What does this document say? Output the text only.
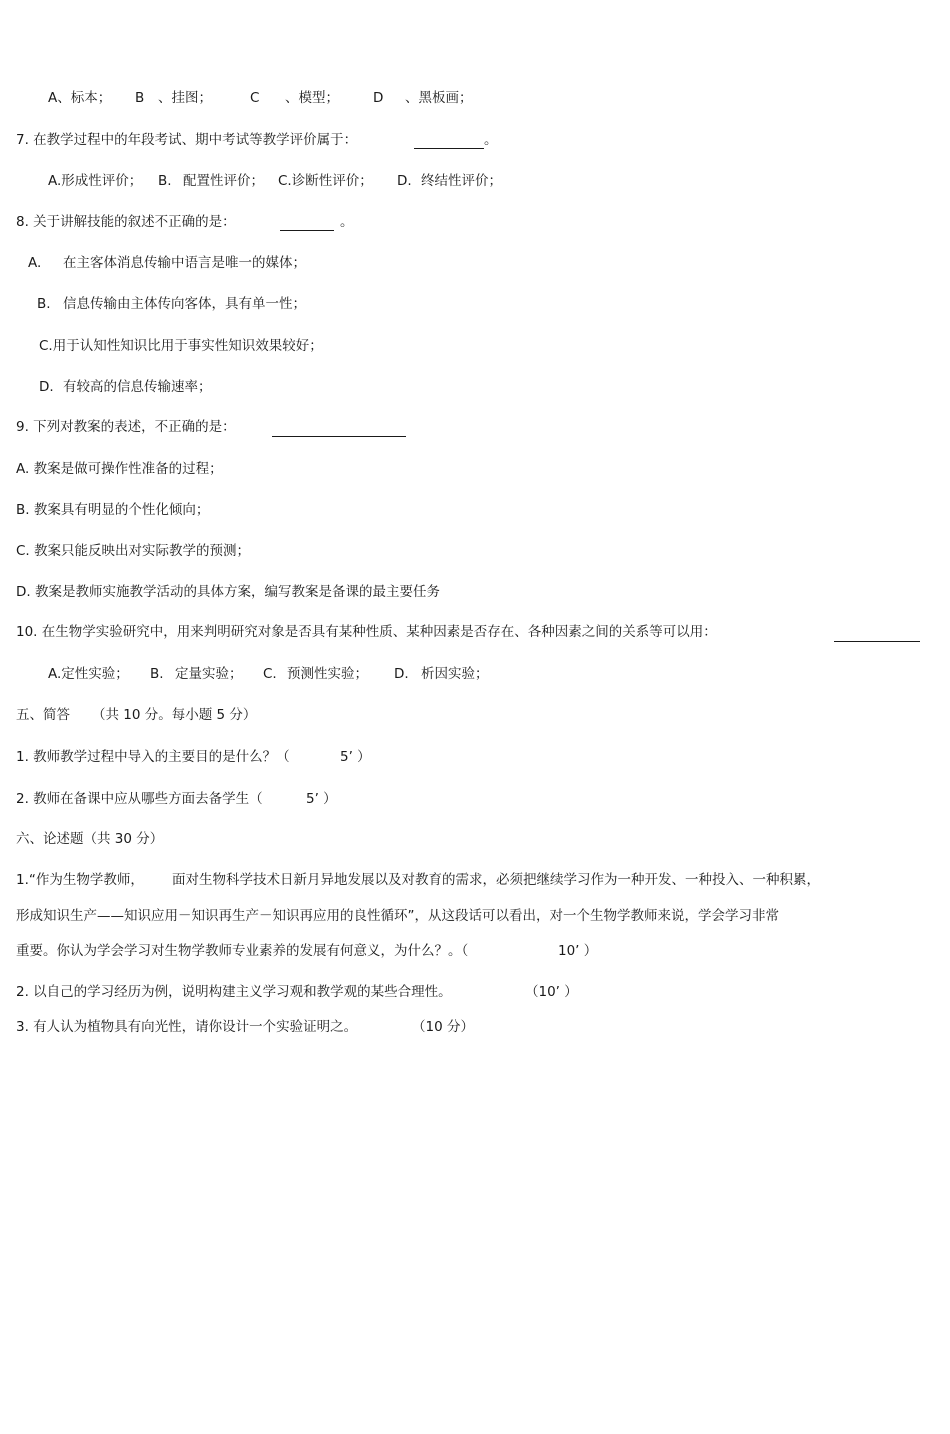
A、标本； B 、挂图；	C 、模型；	D 、黑板画；
7. 在教学过程中的年段考试、期中考试等教学评价属于：	。
A.形成性评价； B. 配置性评价； C.诊断性评价； D. 终结性评价；
8. 关于讲解技能的叙述不正确的是：	。
A. 在主客体消息传输中语言是唯一的媒体；
B. 信息传输由主体传向客体，具有单一性；
C.用于认知性知识比用于事实性知识效果较好；
D. 有较高的信息传输速率；
9. 下列对教案的表述，不正确的是：
A. 教案是做可操作性准备的过程；
B. 教案具有明显的个性化倾向；
C. 教案只能反映出对实际教学的预测；
D. 教案是教师实施教学活动的具体方案，编写教案是备课的最主要任务
10. 在生物学实验研究中，用来判明研究对象是否具有某种性质、某种因素是否存在、各种因素之间的关系等可以用：
A.定性实验； B. 定量实验； C. 预测性实验； D. 析因实验；
五、简答 （共 10 分。每小题 5 分）
1. 教师教学过程中导入的主要目的是什么？（	5’ ）
2. 教师在备课中应从哪些方面去备学生（	5’ ）
六、论述题（共 30 分）
1.“作为生物学教师， 面对生物科学技术日新月异地发展以及对教育的需求，必须把继续学习作为一种开发、一种投入、一种积累，
形成知识生产——知识应用－知识再生产－知识再应用的良性循环”，从这段话可以看出，对一个生物学教师来说，学会学习非常
重要。你认为学会学习对生物学教师专业素养的发展有何意义，为什么？。（	10’ ）
2. 以自己的学习经历为例，说明构建主义学习观和教学观的某些合理性。	（10’ ）
3. 有人认为植物具有向光性，请你设计一个实验证明之。	（10 分）
